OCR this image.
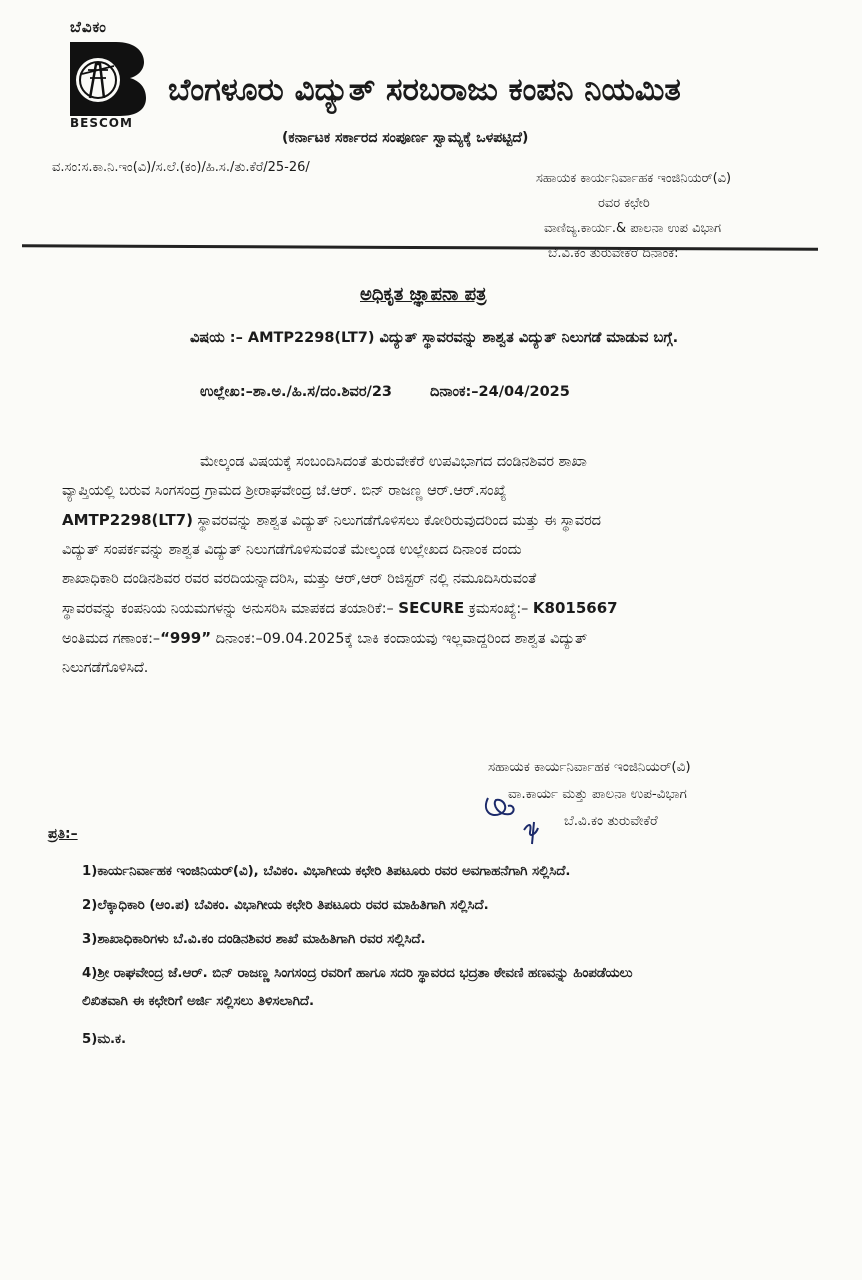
ಬೆವಿಕಂ
BESCOM
ಬೆಂಗಳೂರು ವಿದ್ಯುತ್ ಸರಬರಾಜು ಕಂಪನಿ ನಿಯಮಿತ
(ಕರ್ನಾಟಕ ಸರ್ಕಾರದ ಸಂಪೂರ್ಣ ಸ್ವಾಮ್ಯಕ್ಕೆ ಒಳಪಟ್ಟಿದೆ)
ವ.ಸಂ:ಸ.ಕಾ.ನಿ.ಇಂ(ವಿ)/ಸ.ಲೆ.(ಕಂ)/ಹಿ.ಸ./ತು.ಕೆರೆ/25-26/
ಸಹಾಯಕ ಕಾರ್ಯನಿರ್ವಾಹಕ ಇಂಜಿನಿಯರ್(ವಿ)
ರವರ ಕಛೇರಿ
ವಾಣಿಜ್ಯ.ಕಾರ್ಯ.& ಪಾಲನಾ ಉಪ ವಿಭಾಗ
ಬೆ.ವಿ.ಕಂ ತುರುವೇಕೆರೆ ದಿನಾಂಕ:
ಅಧಿಕೃತ ಜ್ಞಾಪನಾ ಪತ್ರ
ವಿಷಯ :– AMTP2298(LT7) ವಿದ್ಯುತ್ ಸ್ಥಾವರವನ್ನು ಶಾಶ್ವತ ವಿದ್ಯುತ್ ನಿಲುಗಡೆ ಮಾಡುವ ಬಗ್ಗೆ.
ಉಲ್ಲೇಖ:–ಶಾ.ಅ./ಹಿ.ಸ/ದಂ.ಶಿವರ/23	ದಿನಾಂಕ:–24/04/2025
ಮೇಲ್ಕಂಡ ವಿಷಯಕ್ಕೆ ಸಂಬಂದಿಸಿದಂತೆ ತುರುವೇಕೆರೆ ಉಪವಿಭಾಗದ ದಂಡಿನಶಿವರ ಶಾಖಾ
ವ್ಯಾಪ್ತಿಯಲ್ಲಿ ಬರುವ ಸಿಂಗಸಂದ್ರ ಗ್ರಾಮದ ಶ್ರೀರಾಘವೇಂದ್ರ ಜೆ.ಆರ್. ಬಿನ್ ರಾಜಣ್ಣ ಆರ್.ಆರ್.ಸಂಖ್ಯೆ
AMTP2298(LT7) ಸ್ಥಾವರವನ್ನು ಶಾಶ್ವತ ವಿದ್ಯುತ್ ನಿಲುಗಡೆಗೊಳಿಸಲು ಕೋರಿರುವುದರಿಂದ ಮತ್ತು ಈ ಸ್ಥಾವರದ
ವಿದ್ಯುತ್ ಸಂಪರ್ಕವನ್ನು ಶಾಶ್ವತ ವಿದ್ಯುತ್ ನಿಲುಗಡೆಗೊಳಿಸುವಂತೆ ಮೇಲ್ಕಂಡ ಉಲ್ಲೇಖದ ದಿನಾಂಕ ದಂದು
ಶಾಖಾಧಿಕಾರಿ ದಂಡಿನಶಿವರ ರವರ ವರದಿಯನ್ನಾದರಿಸಿ, ಮತ್ತು ಆರ್,ಆರ್ ರಿಜಿಸ್ಟರ್ ನಲ್ಲಿ ನಮೂದಿಸಿರುವಂತೆ
ಸ್ಥಾವರವನ್ನು ಕಂಪನಿಯ ನಿಯಮಗಳನ್ನು ಅನುಸರಿಸಿ ಮಾಪಕದ ತಯಾರಿಕೆ:– SECURE ಕ್ರಮಸಂಖ್ಯೆ:– K8015667
ಅಂತಿಮದ ಗಣಾಂಕ:–“999” ದಿನಾಂಕ:–09.04.2025ಕ್ಕೆ ಬಾಕಿ ಕಂದಾಯವು ಇಲ್ಲವಾದ್ದರಿಂದ ಶಾಶ್ವತ ವಿದ್ಯುತ್
ನಿಲುಗಡೆಗೊಳಿಸಿದೆ.
ಸಹಾಯಕ ಕಾರ್ಯನಿರ್ವಾಹಕ ಇಂಜಿನಿಯರ್(ವಿ)
ವಾ.ಕಾರ್ಯ ಮತ್ತು ಪಾಲನಾ ಉಪ-ವಿಭಾಗ
ಬೆ.ವಿ.ಕಂ ತುರುವೇಕೆರೆ
ಪ್ರತಿ:–
1)ಕಾರ್ಯನಿರ್ವಾಹಕ ಇಂಜಿನಿಯರ್(ವಿ), ಬೆವಿಕಂ. ವಿಭಾಗೀಯ ಕಛೇರಿ ತಿಪಟೂರು ರವರ ಅವಗಾಹನೆಗಾಗಿ ಸಲ್ಲಿಸಿದೆ.
2)ಲೆಕ್ಕಾಧಿಕಾರಿ (ಆಂ.ಪ) ಬೆವಿಕಂ. ವಿಭಾಗೀಯ ಕಛೇರಿ ತಿಪಟೂರು ರವರ ಮಾಹಿತಿಗಾಗಿ ಸಲ್ಲಿಸಿದೆ.
3)ಶಾಖಾಧಿಕಾರಿಗಳು ಬೆ.ವಿ.ಕಂ ದಂಡಿನಶಿವರ ಶಾಖೆ ಮಾಹಿತಿಗಾಗಿ ರವರ ಸಲ್ಲಿಸಿದೆ.
4)ಶ್ರೀ ರಾಘವೇಂದ್ರ ಜೆ.ಆರ್. ಬಿನ್ ರಾಜಣ್ಣ ಸಿಂಗಸಂದ್ರ ರವರಿಗೆ ಹಾಗೂ ಸದರಿ ಸ್ಥಾವರದ ಭದ್ರತಾ ಠೇವಣಿ ಹಣವನ್ನು ಹಿಂಪಡೆಯಲು
ಲಿಖಿತವಾಗಿ ಈ ಕಛೇರಿಗೆ ಅರ್ಜಿ ಸಲ್ಲಿಸಲು ತಿಳಿಸಲಾಗಿದೆ.
5)ಮ.ಕ.
